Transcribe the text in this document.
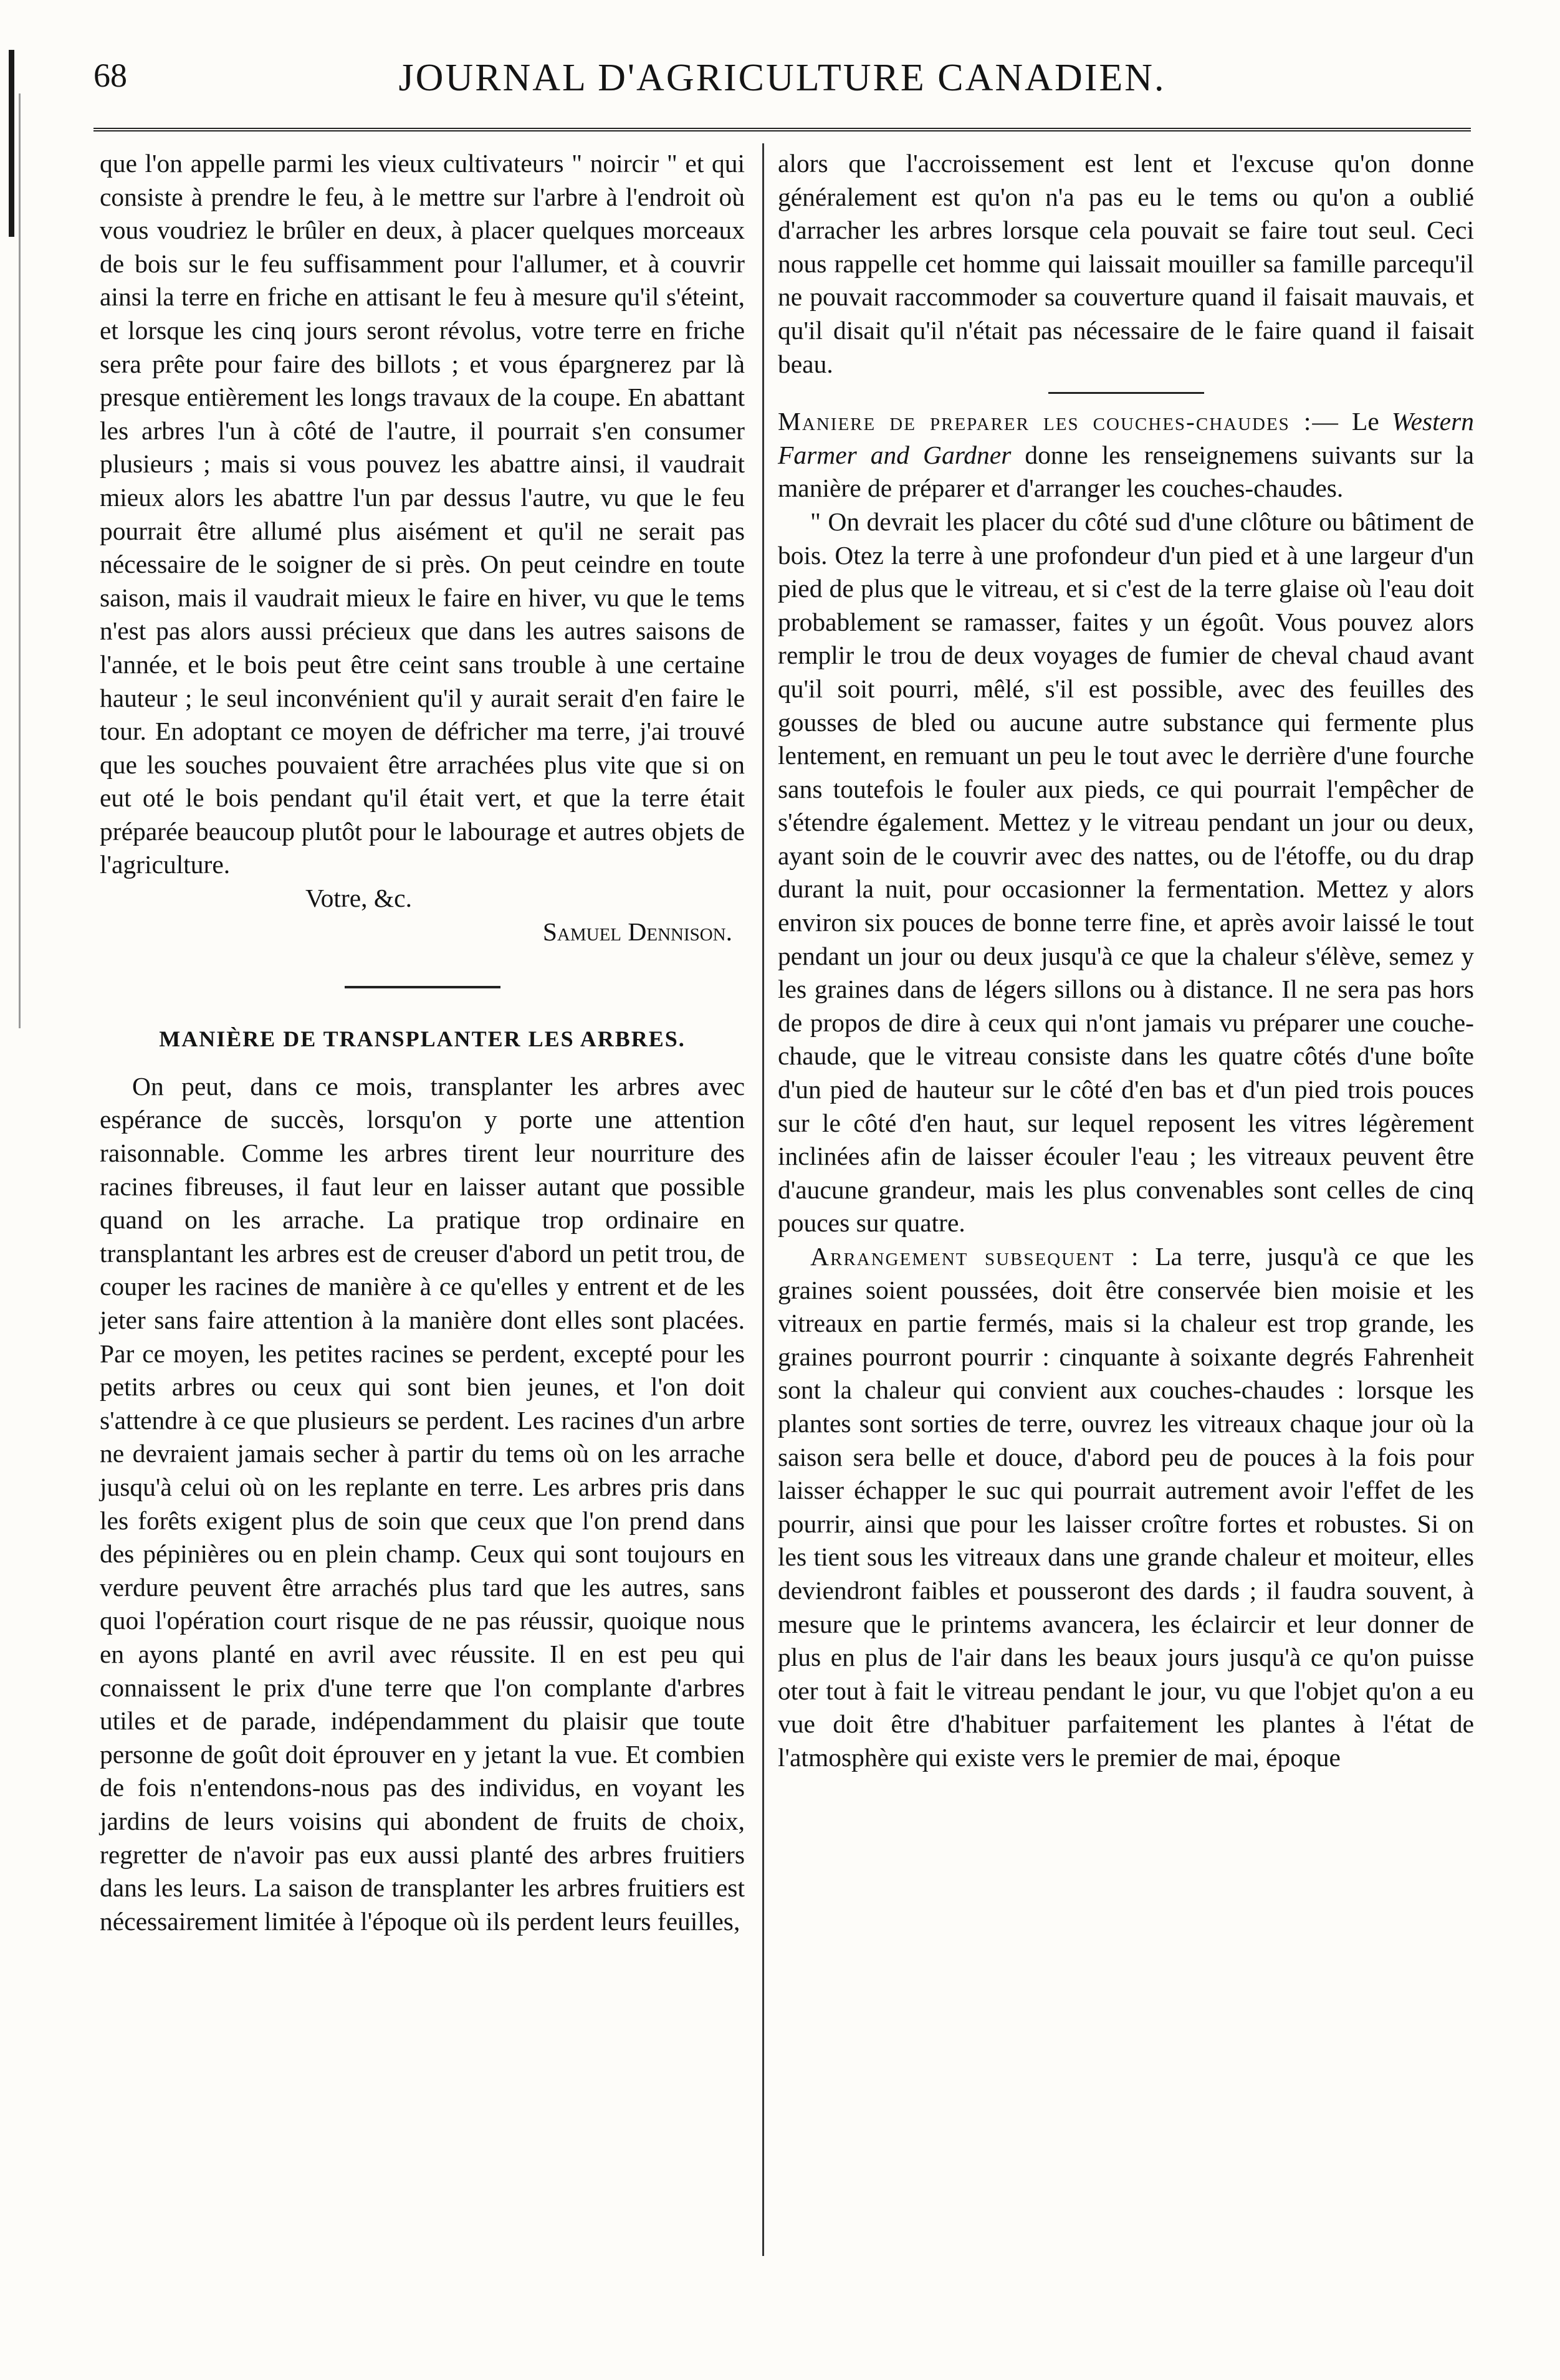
68	JOURNAL D'AGRICULTURE CANADIEN.

que l'on appelle parmi les vieux cultivateurs " noircir " et qui consiste à prendre le feu, à le mettre sur l'arbre à l'endroit où vous voudriez le brûler en deux, à placer quelques morceaux de bois sur le feu suffisamment pour l'allumer, et à couvrir ainsi la terre en friche en attisant le feu à mesure qu'il s'éteint, et lorsque les cinq jours seront révolus, votre terre en friche sera prête pour faire des billots ; et vous épargnerez par là presque entièrement les longs travaux de la coupe. En abattant les arbres l'un à côté de l'autre, il pourrait s'en consumer plusieurs ; mais si vous pouvez les abattre ainsi, il vaudrait mieux alors les abattre l'un par dessus l'autre, vu que le feu pourrait être allumé plus aisément et qu'il ne serait pas nécessaire de le soigner de si près. On peut ceindre en toute saison, mais il vaudrait mieux le faire en hiver, vu que le tems n'est pas alors aussi précieux que dans les autres saisons de l'année, et le bois peut être ceint sans trouble à une certaine hauteur ; le seul inconvénient qu'il y aurait serait d'en faire le tour. En adoptant ce moyen de défricher ma terre, j'ai trouvé que les souches pouvaient être arrachées plus vite que si on eut oté le bois pendant qu'il était vert, et que la terre était préparée beaucoup plutôt pour le labourage et autres objets de l'agriculture.

Votre, &c.

Samuel Dennison.

MANIÈRE DE TRANSPLANTER LES ARBRES.

On peut, dans ce mois, transplanter les arbres avec espérance de succès, lorsqu'on y porte une attention raisonnable. Comme les arbres tirent leur nourriture des racines fibreuses, il faut leur en laisser autant que possible quand on les arrache. La pratique trop ordinaire en transplantant les arbres est de creuser d'abord un petit trou, de couper les racines de manière à ce qu'elles y entrent et de les jeter sans faire attention à la manière dont elles sont placées. Par ce moyen, les petites racines se perdent, excepté pour les petits arbres ou ceux qui sont bien jeunes, et l'on doit s'attendre à ce que plusieurs se perdent. Les racines d'un arbre ne devraient jamais secher à partir du tems où on les arrache jusqu'à celui où on les replante en terre. Les arbres pris dans les forêts exigent plus de soin que ceux que l'on prend dans des pépinières ou en plein champ. Ceux qui sont toujours en verdure peuvent être arrachés plus tard que les autres, sans quoi l'opération court risque de ne pas réussir, quoique nous en ayons planté en avril avec réussite. Il en est peu qui connaissent le prix d'une terre que l'on complante d'arbres utiles et de parade, indépendamment du plaisir que toute personne de goût doit éprouver en y jetant la vue. Et combien de fois n'entendons-nous pas des individus, en voyant les jardins de leurs voisins qui abondent de fruits de choix, regretter de n'avoir pas eux aussi planté des arbres fruitiers dans les leurs. La saison de transplanter les arbres fruitiers est nécessairement limitée à l'époque où ils perdent leurs feuilles,

alors que l'accroissement est lent et l'excuse qu'on donne généralement est qu'on n'a pas eu le tems ou qu'on a oublié d'arracher les arbres lorsque cela pouvait se faire tout seul. Ceci nous rappelle cet homme qui laissait mouiller sa famille parcequ'il ne pouvait raccommoder sa couverture quand il faisait mauvais, et qu'il disait qu'il n'était pas nécessaire de le faire quand il faisait beau.

Maniere de preparer les couches-chaudes :— Le Western Farmer and Gardner donne les renseignemens suivants sur la manière de préparer et d'arranger les couches-chaudes.

" On devrait les placer du côté sud d'une clôture ou bâtiment de bois. Otez la terre à une profondeur d'un pied et à une largeur d'un pied de plus que le vitreau, et si c'est de la terre glaise où l'eau doit probablement se ramasser, faites y un égoût. Vous pouvez alors remplir le trou de deux voyages de fumier de cheval chaud avant qu'il soit pourri, mêlé, s'il est possible, avec des feuilles des gousses de bled ou aucune autre substance qui fermente plus lentement, en remuant un peu le tout avec le derrière d'une fourche sans toutefois le fouler aux pieds, ce qui pourrait l'empêcher de s'étendre également. Mettez y le vitreau pendant un jour ou deux, ayant soin de le couvrir avec des nattes, ou de l'étoffe, ou du drap durant la nuit, pour occasionner la fermentation. Mettez y alors environ six pouces de bonne terre fine, et après avoir laissé le tout pendant un jour ou deux jusqu'à ce que la chaleur s'élève, semez y les graines dans de légers sillons ou à distance. Il ne sera pas hors de propos de dire à ceux qui n'ont jamais vu préparer une couche-chaude, que le vitreau consiste dans les quatre côtés d'une boîte d'un pied de hauteur sur le côté d'en bas et d'un pied trois pouces sur le côté d'en haut, sur lequel reposent les vitres légèrement inclinées afin de laisser écouler l'eau ; les vitreaux peuvent être d'aucune grandeur, mais les plus convenables sont celles de cinq pouces sur quatre.

Arrangement subsequent : La terre, jusqu'à ce que les graines soient poussées, doit être conservée bien moisie et les vitreaux en partie fermés, mais si la chaleur est trop grande, les graines pourront pourrir : cinquante à soixante degrés Fahrenheit sont la chaleur qui convient aux couches-chaudes : lorsque les plantes sont sorties de terre, ouvrez les vitreaux chaque jour où la saison sera belle et douce, d'abord peu de pouces à la fois pour laisser échapper le suc qui pourrait autrement avoir l'effet de les pourrir, ainsi que pour les laisser croître fortes et robustes. Si on les tient sous les vitreaux dans une grande chaleur et moiteur, elles deviendront faibles et pousseront des dards ; il faudra souvent, à mesure que le printems avancera, les éclaircir et leur donner de plus en plus de l'air dans les beaux jours jusqu'à ce qu'on puisse oter tout à fait le vitreau pendant le jour, vu que l'objet qu'on a eu vue doit être d'habituer parfaitement les plantes à l'état de l'atmosphère qui existe vers le premier de mai, époque
